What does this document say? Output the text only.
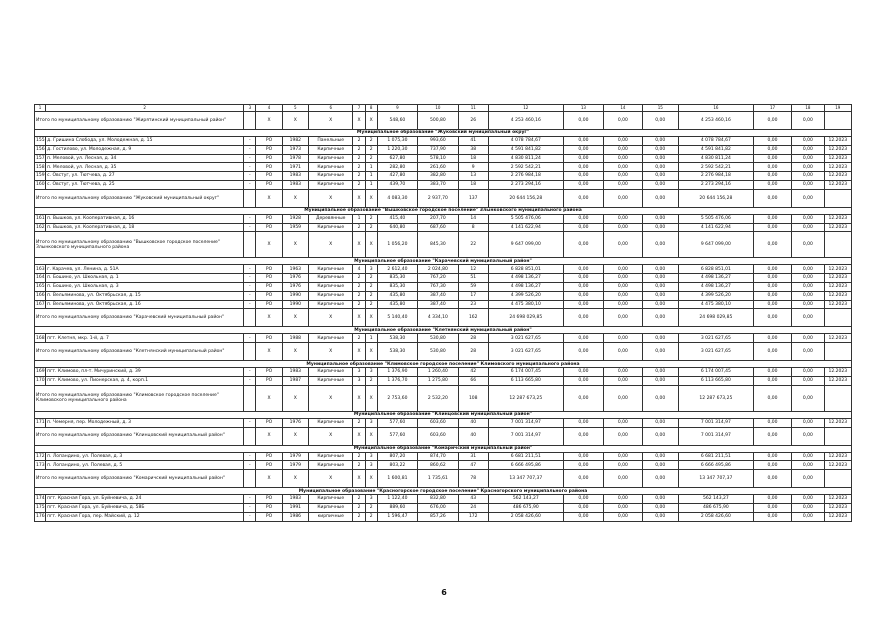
1	2	3	4	5	6	7	8	9	10	11	12	13	14	15	16	17	18	19
Итого по муниципальному образованию "Жирятинский муниципальный район"			X	X	X	X	X	548,60	500,80	26	4 253 460,16	0,00	0,00	0,00	4 253 460,16	0,00	0,00	
Муниципальное образование "Жуковский муниципальный округ"																		
155	д. Гришина Слобода, ул. Молодежная, д. 15	-	РО	1982	Панельные	2	2	1 075,30	993,60	41	4 078 784,67	0,00	0,00	0,00	4 078 784,67	0,00	0,00	12.2023
156	д. Гостилово, ул. Молодежная, д. 9	-	РО	1973	Кирпичные	2	2	1 220,30	737,90	38	4 591 841,82	0,00	0,00	0,00	4 591 841,82	0,00	0,00	12.2023
157	п. Меловой, ул. Лесная, д. 34	-	РО	1978	Кирпичные	2	2	627,80	578,10	18	4 830 811,24	0,00	0,00	0,00	4 830 811,24	0,00	0,00	12.2023
158	п. Меловой, ул. Лесная, д. 35	-	РО	1971	Кирпичные	2	1	282,80	261,60	9	2 592 542,21	0,00	0,00	0,00	2 592 542,21	0,00	0,00	12.2023
159	с. Овстуг, ул. Тютчева, д. 27	-	РО	1983	Кирпичные	2	1	427,80	382,80	13	2 276 984,18	0,00	0,00	0,00	2 276 984,18	0,00	0,00	12.2023
160	с. Овстуг, ул. Тютчева, д. 25	-	РО	1983	Кирпичные	2	1	439,70	383,70	18	2 273 294,16	0,00	0,00	0,00	2 273 294,16	0,00	0,00	12.2023
Итого по муниципальному образованию "Жуковский муниципальный округ"			X	X	X	X	X	4 083,30	2 937,70	137	20 644 156,28	0,00	0,00	0,00	20 644 156,28	0,00	0,00	
Муниципальное образование "Вышковское городское поселение" Злынковского муниципального района																		
161	п. Вышков, ул. Кооперативная, д. 16	-	РО	1928	Деревянные	1	2	415,40	207,70	14	5 505 476,06	0,00	0,00	0,00	5 505 476,06	0,00	0,00	12.2023
162	п. Вышков, ул. Кооперативная, д. 18	-	РО	1959	Кирпичные	2	2	640,80	687,60	8	4 141 622,94	0,00	0,00	0,00	4 141 622,94	0,00	0,00	12.2023
Итого по муниципальному образованию "Вышковское городское поселение" Злынковского муниципального района			X	X	X	X	X	1 056,20	845,30	22	9 647 099,00	0,00	0,00	0,00	9 647 099,00	0,00	0,00	
Муниципальное образование "Карачевский муниципальный район"																		
163	г. Карачев, ул. Ленина, д. 51А	-	РО	1963	Кирпичные	4	3	2 612,40	2 024,80	12	6 828 851,01	0,00	0,00	0,00	6 828 851,01	0,00	0,00	12.2023
164	п. Бошино, ул. Школьная, д. 1	-	РО	1976	Кирпичные	2	2	835,30	767,20	51	4 498 136,27	0,00	0,00	0,00	4 498 136,27	0,00	0,00	12.2023
165	п. Бошино, ул. Школьная, д. 3	-	РО	1976	Кирпичные	2	2	835,30	767,30	59	4 498 136,27	0,00	0,00	0,00	4 498 136,27	0,00	0,00	12.2023
166	п. Вельяминова, ул. Октябрьская, д. 15	-	РО	1990	Кирпичные	2	2	435,80	387,40	17	4 399 526,20	0,00	0,00	0,00	4 399 526,20	0,00	0,00	12.2023
167	п. Вельяминова, ул. Октябрьская, д. 16	-	РО	1990	Кирпичные	2	2	435,80	387,40	23	4 475 380,10	0,00	0,00	0,00	4 475 380,10	0,00	0,00	12.2023
Итого по муниципальному образованию "Карачевский муниципальный район"			X	X	X	X	X	5 140,40	4 334,10	162	24 698 029,85	0,00	0,00	0,00	24 698 029,85	0,00	0,00	
Муниципальное образование "Клетнянский муниципальный район"																		
168	пгт. Клетня, мкр. 1-й, д. 7	-	РО	1988	Кирпичные	2	1	538,30	530,80	28	3 021 627,65	0,00	0,00	0,00	3 021 627,65	0,00	0,00	12.2023
Итого по муниципальному образованию "Клетнянский муниципальный район"			X	X	X	X	X	538,30	530,80	28	3 021 627,65	0,00	0,00	0,00	3 021 627,65	0,00	0,00	
Муниципальное образование "Климовское городское поселение" Климовского муниципального района																		
169	пгт. Климово, пл-т. Мичуринский, д. 39	-	РО	1983	Кирпичные	3	3	1 376,90	1 260,40	42	6 174 007,45	0,00	0,00	0,00	6 174 007,45	0,00	0,00	12.2023
170	пгт. Климово, ул. Пионерская, д. 4, корп.1	-	РО	1987	Кирпичные	3	2	1 376,70	1 275,80	66	6 113 665,80	0,00	0,00	0,00	6 113 665,80	0,00	0,00	12.2023
Итого по муниципальному образованию "Климовское городское поселение" Климовского муниципального района			X	X	X	X	X	2 753,60	2 532,20	108	12 287 673,25	0,00	0,00	0,00	12 287 673,25	0,00	0,00	
Муниципальное образование "Клинцовский муниципальный район"																		
171	п. Чемерня, пер. Молодежный, д. 3	-	РО	1976	Кирпичные	2	3	577,60	603,60	40	7 001 314,97	0,00	0,00	0,00	7 001 314,97	0,00	0,00	12.2023
Итого по муниципальному образованию "Клинцовский муниципальный район"			X	X	X	X	X	577,60	603,60	40	7 001 314,97	0,00	0,00	0,00	7 001 314,97	0,00	0,00	
Муниципальное образование "Комаричский муниципальный район"																		
172	п. Лопандино, ул. Полевая, д. 3	-	РО	1979	Кирпичные	2	3	807,20	874,70	31	6 681 211,51	0,00	0,00	0,00	6 681 211,51	0,00	0,00	12.2023
173	п. Лопандино, ул. Полевая, д. 5	-	РО	1979	Кирпичные	2	3	803,22	860,62	47	6 666 495,86	0,00	0,00	0,00	6 666 495,86	0,00	0,00	12.2023
Итого по муниципальному образованию "Комаричский муниципальный район"			X	X	X	X	X	1 600,81	1 735,61	78	13 347 707,37	0,00	0,00	0,00	13 347 707,37	0,00	0,00	
Муниципальное образование "Красногорское городское поселение" Красногорского муниципального района																		
174	пгт. Красная Гора, ул. Буйневича, д. 24	-	РО	1983	Кирпичные	2	3	1 122,40	832,80	43	562 143,27	0,00	0,00	0,00	562 143,27	0,00	0,00	12.2023
175	пгт. Красная Гора, ул. Буйневича, д. 58Б	-	РО	1991	Кирпичные	2	2	889,60	676,00	24	486 675,90	0,00	0,00	0,00	486 675,90	0,00	0,00	12.2023
176	пгт. Красная Гора, пер. Майский, д. 12	-	РО	1986	кирпичные	2	2	1 596,47	857,26	172	2 058 426,60	0,00	0,00	0,00	2 058 426,60	0,00	0,00	12.2023
6
